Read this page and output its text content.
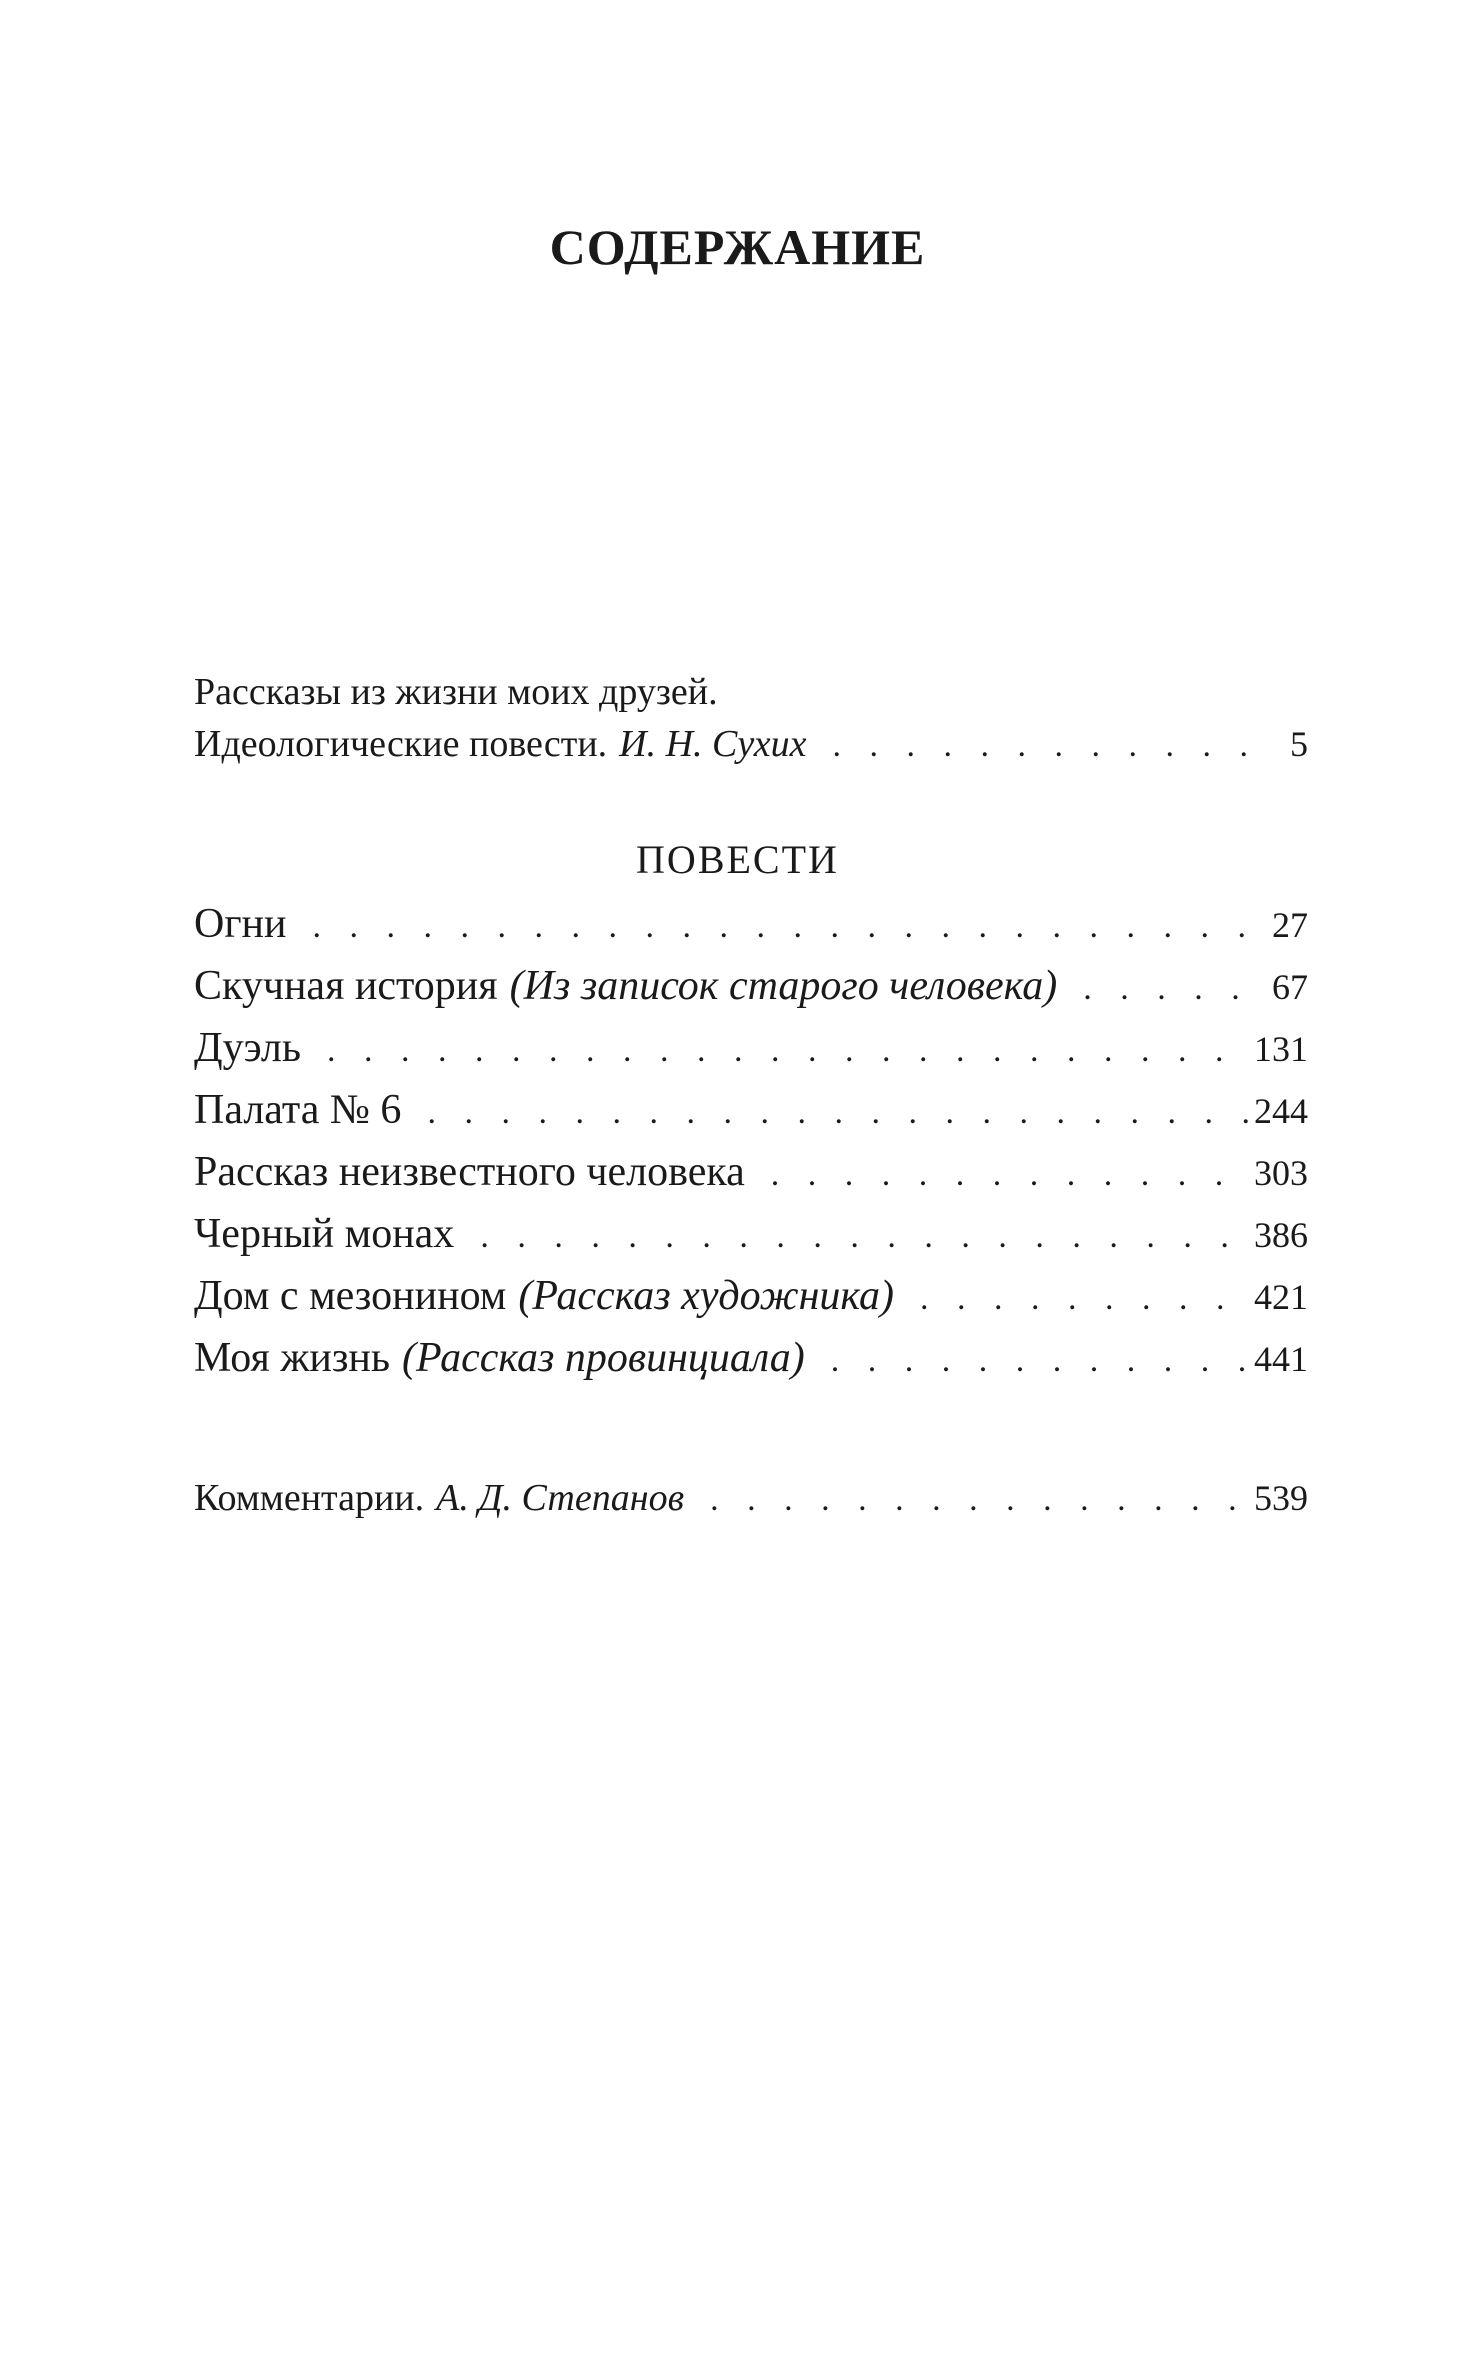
СОДЕРЖАНИЕ
Рассказы из жизни моих друзей.
Идеологические повести. И. Н. Сухих . . .	5
ПОВЕСТИ
Огни . . .	27
Скучная история (Из записок старого человека) . . .	67
Дуэль . . .	131
Палата № 6 . . .	244
Рассказ неизвестного человека . . .	303
Черный монах . . .	386
Дом с мезонином (Рассказ художника) . . .	421
Моя жизнь (Рассказ провинциала) . . .	441
Комментарии. А. Д. Степанов . . .	539
